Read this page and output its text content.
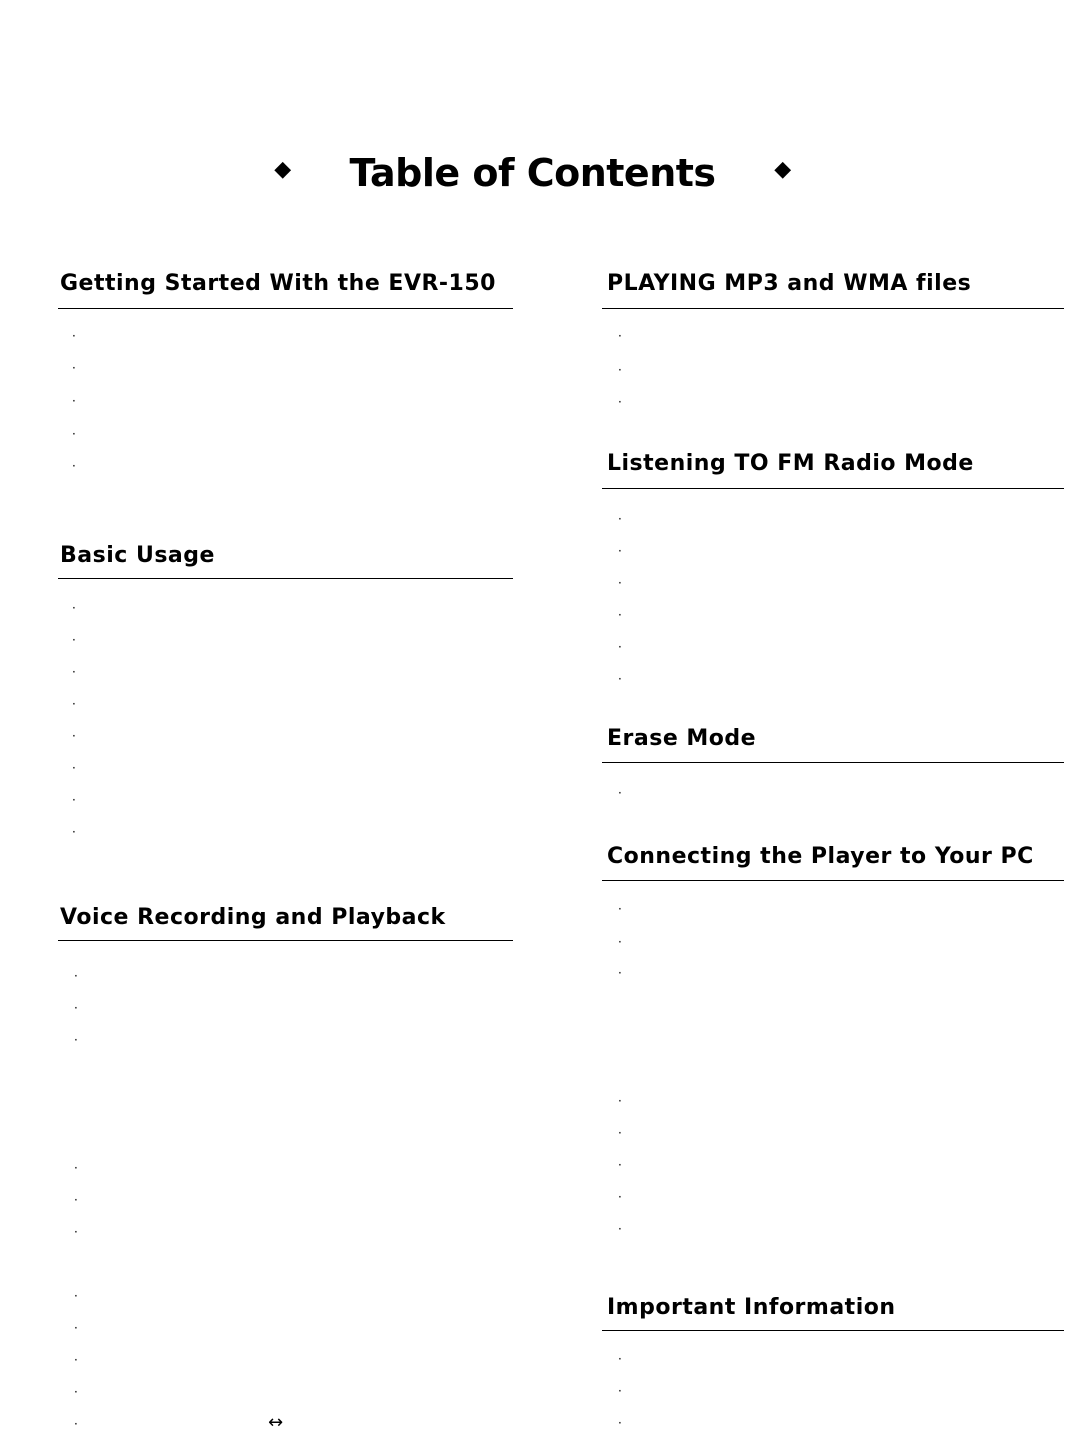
◆ Table of Contents	◆
Getting Started With the EVR-150
Basic Usage
Voice Recording and Playback
PLAYING MP3 and WMA files
Listening TO FM Radio Mode
Erase Mode
Connecting the Player to Your PC
Important Information
·
·
·
·
·
·
·
·
·
·
·
·
·
·
·
·
·
·
·
·
·
·
·
·
·
·
·
·
·
·
·
·
·
·
·
·
·
·
·
·
·
·
·
·
·
↔
